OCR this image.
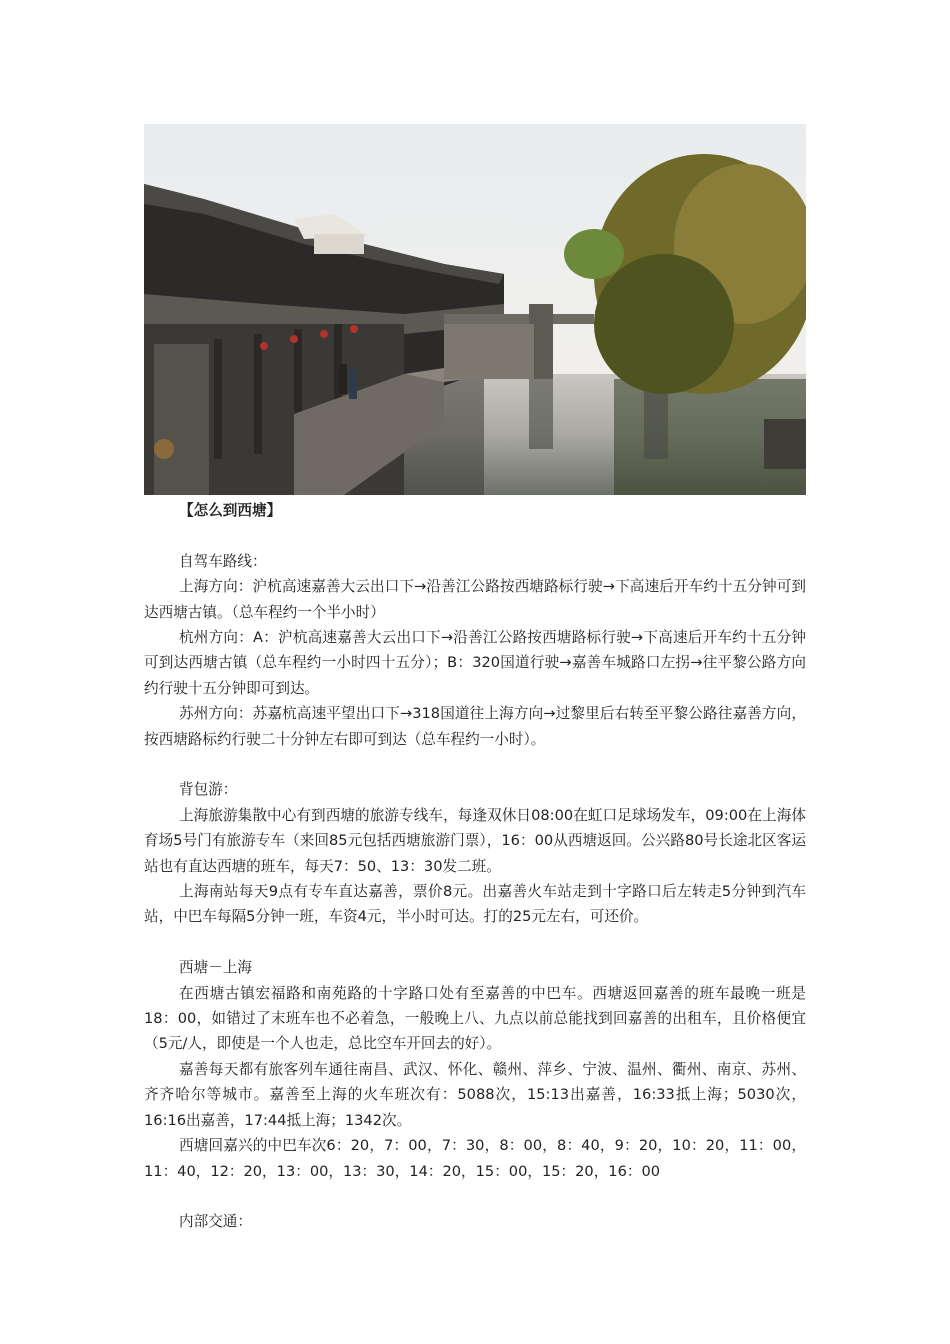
【怎么到西塘】

自驾车路线：

上海方向：沪杭高速嘉善大云出口下→沿善江公路按西塘路标行驶→下高速后开车约十五分钟可到达西塘古镇。（总车程约一个半小时）

杭州方向：A：沪杭高速嘉善大云出口下→沿善江公路按西塘路标行驶→下高速后开车约十五分钟可到达西塘古镇（总车程约一小时四十五分）；B：320国道行驶→嘉善车城路口左拐→往平黎公路方向约行驶十五分钟即可到达。

苏州方向：苏嘉杭高速平望出口下→318国道往上海方向→过黎里后右转至平黎公路往嘉善方向，按西塘路标约行驶二十分钟左右即可到达（总车程约一小时）。

背包游：

上海旅游集散中心有到西塘的旅游专线车，每逢双休日08:00在虹口足球场发车，09:00在上海体育场5号门有旅游专车（来回85元包括西塘旅游门票），16：00从西塘返回。公兴路80号长途北区客运站也有直达西塘的班车，每天7：50、13：30发二班。

上海南站每天9点有专车直达嘉善，票价8元。出嘉善火车站走到十字路口后左转走5分钟到汽车站，中巴车每隔5分钟一班，车资4元，半小时可达。打的25元左右，可还价。

西塘－上海

在西塘古镇宏福路和南苑路的十字路口处有至嘉善的中巴车。西塘返回嘉善的班车最晚一班是18：00，如错过了末班车也不必着急，一般晚上八、九点以前总能找到回嘉善的出租车，且价格便宜（5元/人，即使是一个人也走，总比空车开回去的好）。

嘉善每天都有旅客列车通往南昌、武汉、怀化、赣州、萍乡、宁波、温州、衢州、南京、苏州、齐齐哈尔等城市。嘉善至上海的火车班次有：5088次，15:13出嘉善，16:33抵上海；5030次，16:16出嘉善，17:44抵上海；1342次。

西塘回嘉兴的中巴车次6：20，7：00，7：30，8：00，8：40，9：20，10：20，11：00，11：40，12：20，13：00，13：30，14：20，15：00，15：20，16：00

内部交通：
